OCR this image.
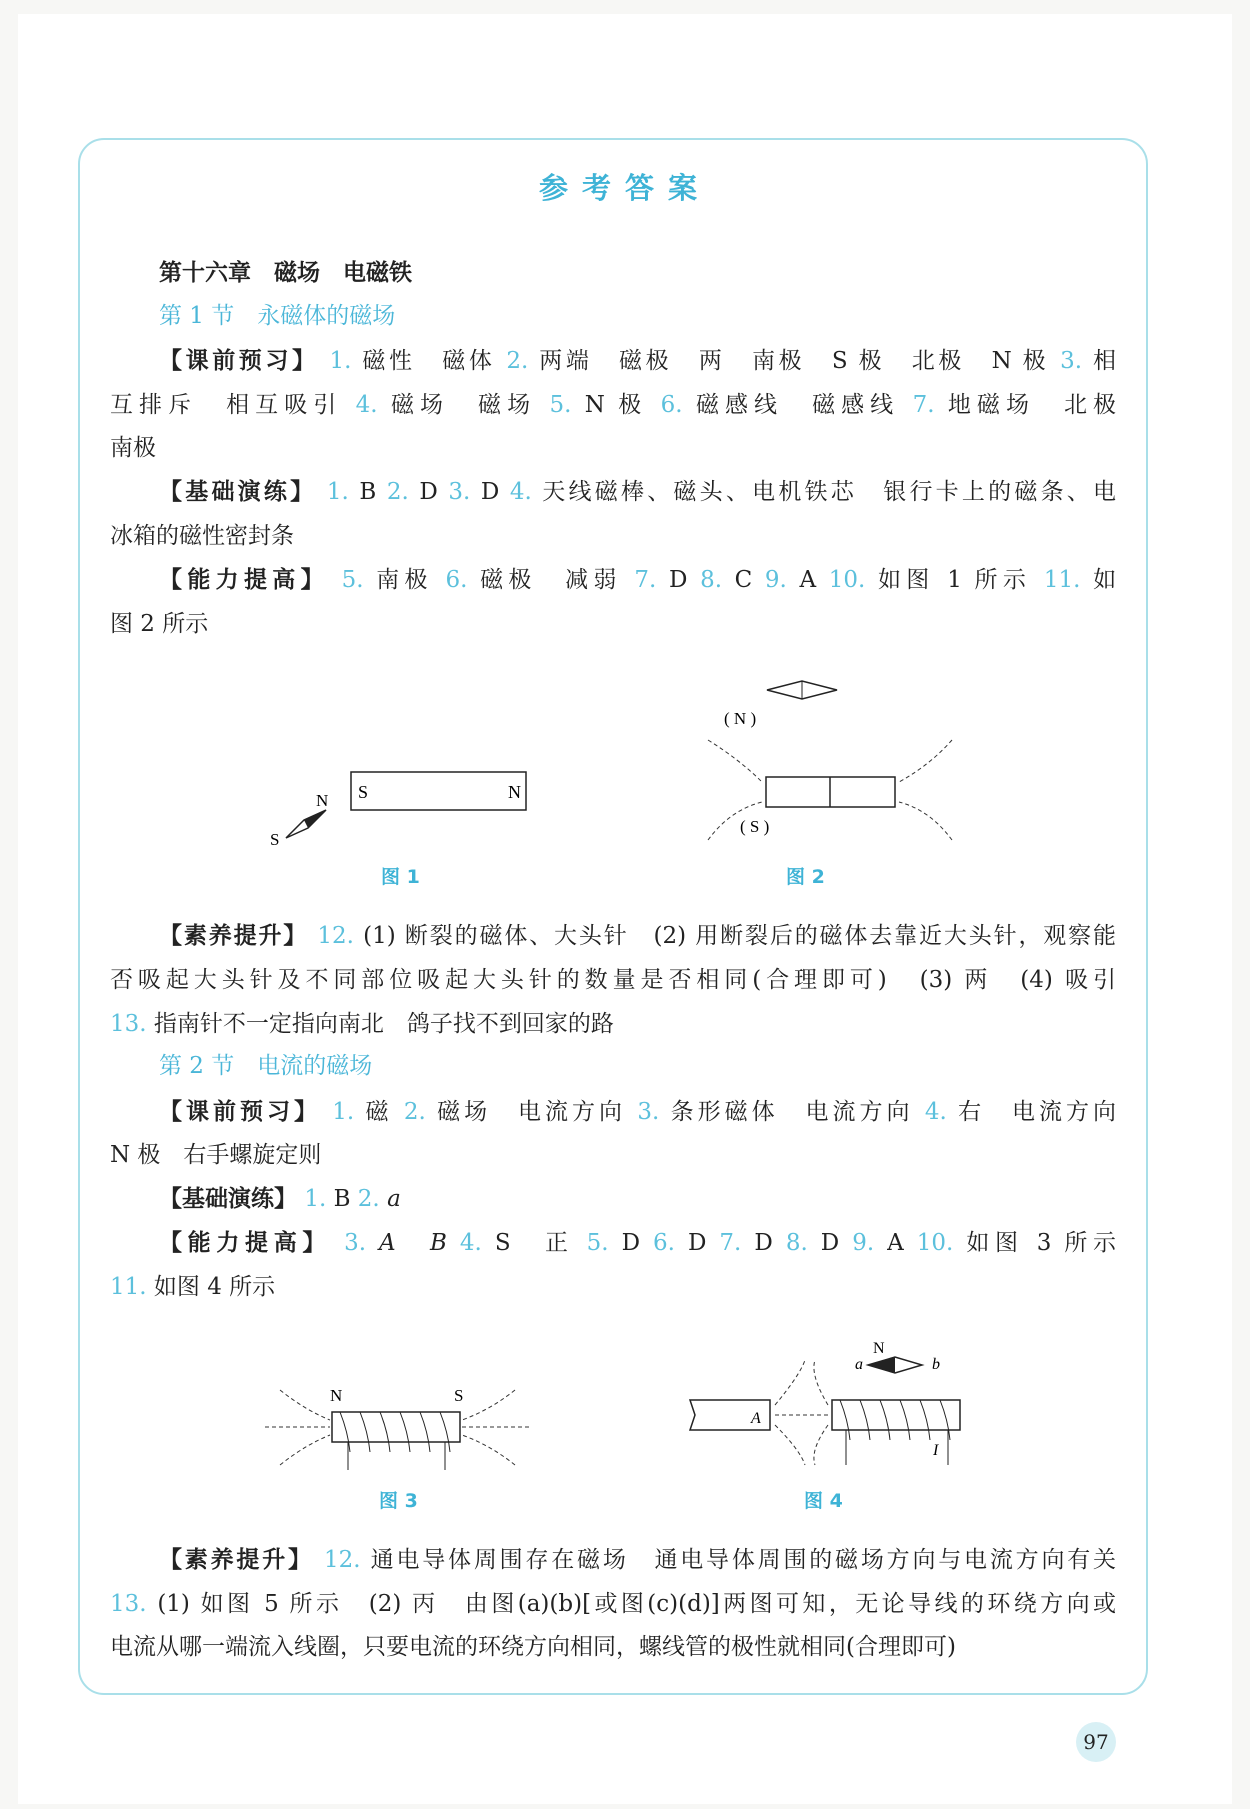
参考答案
第十六章　磁场　电磁铁
第 1 节　永磁体的磁场
【课前预习】 1. 磁性　磁体 2. 两端　磁极　两　南极　S 极　北极　N 极 3. 相
互排斥　相互吸引 4. 磁场　磁场 5. N 极 6. 磁感线　磁感线 7. 地磁场　北极
南极
【基础演练】 1. B 2. D 3. D 4. 天线磁棒、磁头、电机铁芯　银行卡上的磁条、电
冰箱的磁性密封条
【能力提高】 5. 南极 6. 磁极　减弱 7. D 8. C 9. A 10. 如图 1 所示 11. 如
图 2 所示
【素养提升】 12. (1) 断裂的磁体、大头针　(2) 用断裂后的磁体去靠近大头针，观察能
否吸起大头针及不同部位吸起大头针的数量是否相同(合理即可)　(3) 两　(4) 吸引
13. 指南针不一定指向南北　鸽子找不到回家的路
第 2 节　电流的磁场
【课前预习】 1. 磁 2. 磁场　电流方向 3. 条形磁体　电流方向 4. 右　电流方向
N 极　右手螺旋定则
【基础演练】 1. B 2. a
【能力提高】 3. A　B 4. S　正 5. D 6. D 7. D 8. D 9. A 10. 如图 3 所示
11. 如图 4 所示
【素养提升】 12. 通电导体周围存在磁场　通电导体周围的磁场方向与电流方向有关
13. (1) 如图 5 所示　(2) 丙　由图(a)(b)[或图(c)(d)]两图可知，无论导线的环绕方向或
电流从哪一端流入线圈，只要电流的环绕方向相同，螺线管的极性就相同(合理即可)
S	N
N
S
图 1
( N )
( S )
图 2
N	S
图 3
N
a	b
A
I
图 4
97
